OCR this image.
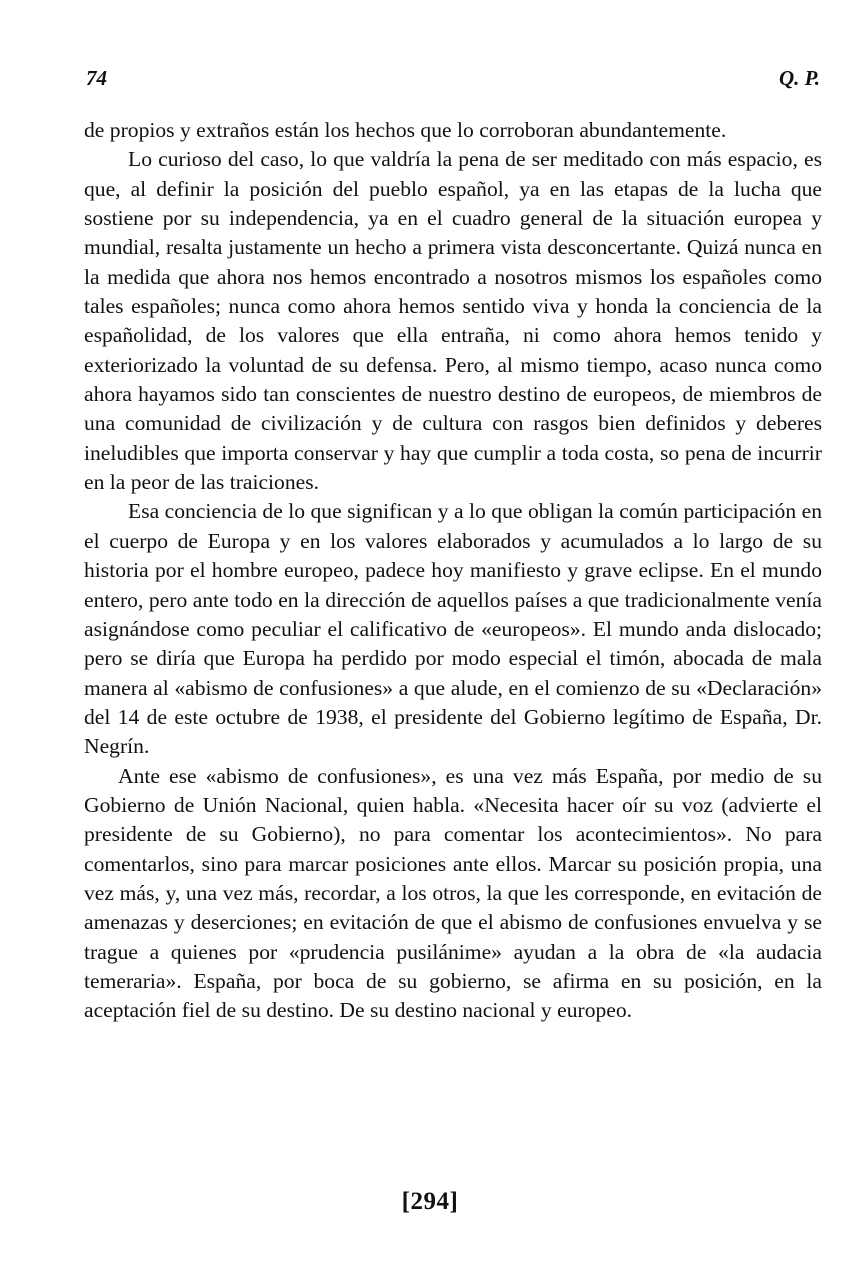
74	Q. P.

de propios y extraños están los hechos que lo corroboran abundantemente.

Lo curioso del caso, lo que valdría la pena de ser meditado con más espacio, es que, al definir la posición del pueblo español, ya en las etapas de la lucha que sostiene por su independencia, ya en el cuadro general de la situación europea y mundial, resalta justamente un hecho a primera vista desconcertante. Quizá nunca en la medida que ahora nos hemos encontrado a nosotros mismos los españoles como tales españoles; nunca como ahora hemos sentido viva y honda la conciencia de la españolidad, de los valores que ella entraña, ni como ahora hemos tenido y exteriorizado la voluntad de su defensa. Pero, al mismo tiempo, acaso nunca como ahora hayamos sido tan conscientes de nuestro destino de europeos, de miembros de una comunidad de civilización y de cultura con rasgos bien definidos y deberes ineludibles que importa conservar y hay que cumplir a toda costa, so pena de incurrir en la peor de las traiciones.

Esa conciencia de lo que significan y a lo que obligan la común participación en el cuerpo de Europa y en los valores elaborados y acumulados a lo largo de su historia por el hombre europeo, padece hoy manifiesto y grave eclipse. En el mundo entero, pero ante todo en la dirección de aquellos países a que tradicionalmente venía asignándose como peculiar el calificativo de «europeos». El mundo anda dislocado; pero se diría que Europa ha perdido por modo especial el timón, abocada de mala manera al «abismo de confusiones» a que alude, en el comienzo de su «Declaración» del 14 de este octubre de 1938, el presidente del Gobierno legítimo de España, Dr. Negrín.

Ante ese «abismo de confusiones», es una vez más España, por medio de su Gobierno de Unión Nacional, quien habla. «Necesita hacer oír su voz (advierte el presidente de su Gobierno), no para comentar los acontecimientos». No para comentarlos, sino para marcar posiciones ante ellos. Marcar su posición propia, una vez más, y, una vez más, recordar, a los otros, la que les corresponde, en evitación de amenazas y deserciones; en evitación de que el abismo de confusiones envuelva y se trague a quienes por «prudencia pusilánime» ayudan a la obra de «la audacia temeraria». España, por boca de su gobierno, se afirma en su posición, en la aceptación fiel de su destino. De su destino nacional y europeo.

[294]
